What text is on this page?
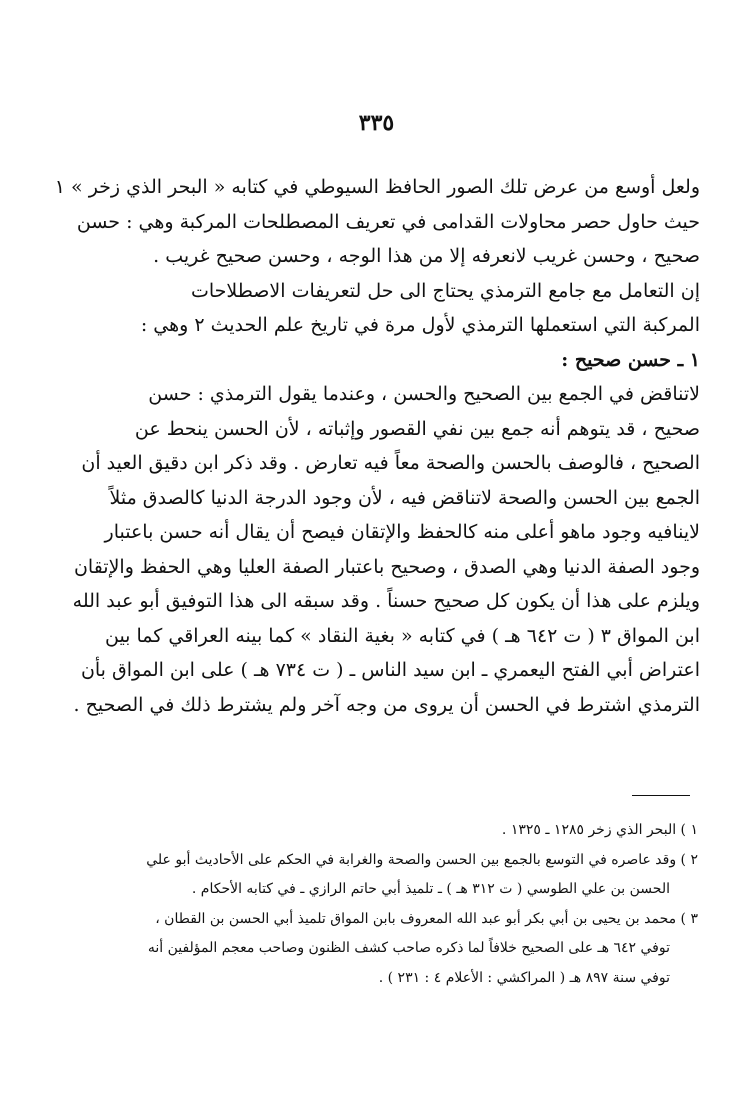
٣٣٥
ولعل أوسع من عرض تلك الصور الحافظ السيوطي في كتابه « البحر الذي زخر » ١
حيث حاول حصر محاولات القدامى في تعريف المصطلحات المركبة وهي : حسن
صحيح ، وحسن غريب لانعرفه إلا من هذا الوجه ، وحسن صحيح غريب .
إن التعامل مع جامع الترمذي يحتاج الى حل لتعريفات الاصطلاحات
المركبة التي استعملها الترمذي لأول مرة في تاريخ علم الحديث ٢ وهي :
١ ـ حسن صحيح :
لاتناقض في الجمع بين الصحيح والحسن ، وعندما يقول الترمذي : حسن
صحيح ، قد يتوهم أنه جمع بين نفي القصور وإثباته ، لأن الحسن ينحط عن
الصحيح ، فالوصف بالحسن والصحة معاً فيه تعارض . وقد ذكر ابن دقيق العيد أن
الجمع بين الحسن والصحة لاتناقض فيه ، لأن وجود الدرجة الدنيا كالصدق مثلاً
لاينافيه وجود ماهو أعلى منه كالحفظ والإتقان فيصح أن يقال أنه حسن باعتبار
وجود الصفة الدنيا وهي الصدق ، وصحيح باعتبار الصفة العليا وهي الحفظ والإتقان
ويلزم على هذا أن يكون كل صحيح حسناً . وقد سبقه الى هذا التوفيق أبو عبد الله
ابن المواق ٣ ( ت ٦٤٢ هـ ) في كتابه « بغية النقاد » كما بينه العراقي كما بين
اعتراض أبي الفتح اليعمري ـ ابن سيد الناس ـ ( ت ٧٣٤ هـ ) على ابن المواق بأن
الترمذي اشترط في الحسن أن يروى من وجه آخر ولم يشترط ذلك في الصحيح .
١ ) البحر الذي زخر ١٢٨٥ ـ ١٣٢٥ .
٢ ) وقد عاصره في التوسع بالجمع بين الحسن والصحة والغرابة في الحكم على الأحاديث أبو علي
الحسن بن علي الطوسي ( ت ٣١٢ هـ ) ـ تلميذ أبي حاتم الرازي ـ في كتابه الأحكام .
٣ ) محمد بن يحيى بن أبي بكر أبو عبد الله المعروف بابن المواق تلميذ أبي الحسن بن القطان ،
توفي ٦٤٢ هـ على الصحيح خلافاً لما ذكره صاحب كشف الظنون وصاحب معجم المؤلفين أنه
توفي سنة ٨٩٧ هـ ( المراكشي : الأعلام ٤ : ٢٣١ ) .
